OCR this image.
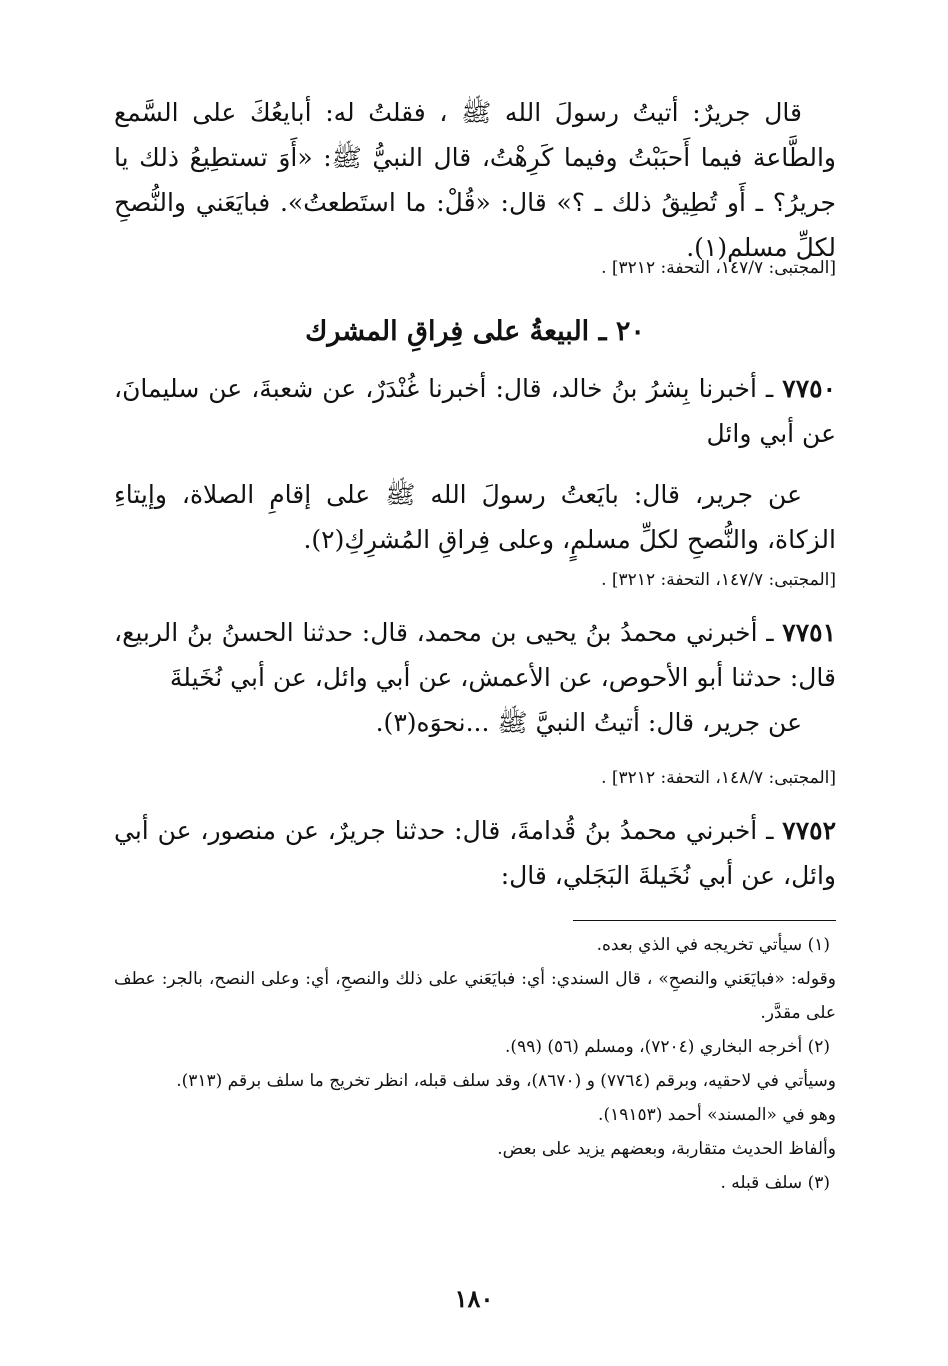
قال جريرٌ: أتيتُ رسولَ الله ﷺ ، فقلتُ له: أبايعُكَ على السَّمع والطَّاعة فيما أَحبَبْتُ وفيما كَرِهْتُ، قال النبيُّ ﷺ: «أَوَ تستطِيعُ ذلك يا جريرُ؟ ـ أَو تُطِيقُ ذلك ـ ؟» قال: «قُلْ: ما استَطعتُ». فبايَعَني والنُّصحِ لكلِّ مسلم(١).

[المجتبى: ١٤٧/٧، التحفة: ٣٢١٢] .

٢٠ ـ البيعةُ على فِراقِ المشرك

٧٧٥٠ ـ أخبرنا بِشرُ بنُ خالد، قال: أخبرنا غُنْدَرٌ، عن شعبةَ، عن سليمانَ، عن أبي وائل

عن جرير، قال: بايَعتُ رسولَ الله ﷺ على إقامِ الصلاة، وإيتاءِ الزكاة، والنُّصحِ لكلِّ مسلمٍ، وعلى فِراقِ المُشرِكِ(٢).

[المجتبى: ١٤٧/٧، التحفة: ٣٢١٢] .

٧٧٥١ ـ أخبرني محمدُ بنُ يحيى بن محمد، قال: حدثنا الحسنُ بنُ الربيع، قال: حدثنا أبو الأحوص، عن الأعمش، عن أبي وائل، عن أبي نُخَيلةَ

عن جرير، قال: أتيتُ النبيَّ ﷺ ...نحوَه(٣).

[المجتبى: ١٤٨/٧، التحفة: ٣٢١٢] .

٧٧٥٢ ـ أخبرني محمدُ بنُ قُدامةَ، قال: حدثنا جريرٌ، عن منصور، عن أبي وائل، عن أبي نُخَيلةَ البَجَلي، قال:

(١) سيأتي تخريجه في الذي بعده.

وقوله: «فبايَعَني والنصحِ» ، قال السندي: أي: فبايَعَني على ذلك والنصحِ، أي: وعلى النصح، بالجر: عطف على مقدَّر.

(٢) أخرجه البخاري (٧٢٠٤)، ومسلم (٥٦) (٩٩).

وسيأتي في لاحقيه، وبرقم (٧٧٦٤) و (٨٦٧٠)، وقد سلف قبله، انظر تخريج ما سلف برقم (٣١٣).

وهو في «المسند» أحمد (١٩١٥٣).

وألفاظ الحديث متقاربة، وبعضهم يزيد على بعض.

(٣) سلف قبله .

١٨٠
